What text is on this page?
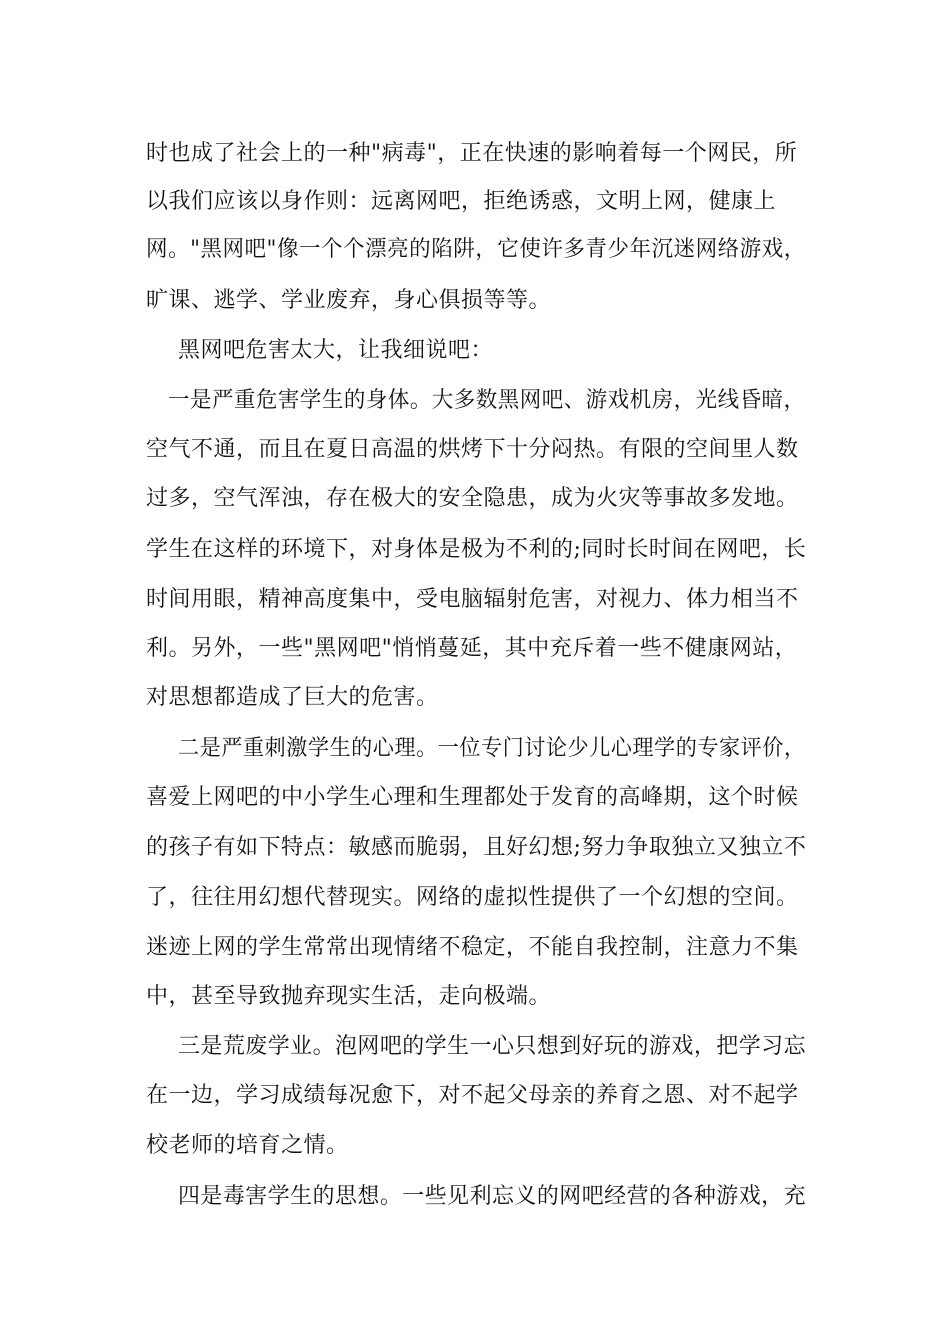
时也成了社会上的一种"病毒"，正在快速的影响着每一个网民，所
以我们应该以身作则：远离网吧，拒绝诱惑，文明上网，健康上
网。"黑网吧"像一个个漂亮的陷阱，它使许多青少年沉迷网络游戏，
旷课、逃学、学业废弃，身心俱损等等。
黑网吧危害太大，让我细说吧：
一是严重危害学生的身体。大多数黑网吧、游戏机房，光线昏暗，
空气不通，而且在夏日高温的烘烤下十分闷热。有限的空间里人数
过多，空气浑浊，存在极大的安全隐患，成为火灾等事故多发地。
学生在这样的环境下，对身体是极为不利的;同时长时间在网吧，长
时间用眼，精神高度集中，受电脑辐射危害，对视力、体力相当不
利。另外，一些"黑网吧"悄悄蔓延，其中充斥着一些不健康网站，
对思想都造成了巨大的危害。
二是严重刺激学生的心理。一位专门讨论少儿心理学的专家评价，
喜爱上网吧的中小学生心理和生理都处于发育的高峰期，这个时候
的孩子有如下特点：敏感而脆弱，且好幻想;努力争取独立又独立不
了，往往用幻想代替现实。网络的虚拟性提供了一个幻想的空间。
迷迹上网的学生常常出现情绪不稳定，不能自我控制，注意力不集
中，甚至导致抛弃现实生活，走向极端。
三是荒废学业。泡网吧的学生一心只想到好玩的游戏，把学习忘
在一边，学习成绩每况愈下，对不起父母亲的养育之恩、对不起学
校老师的培育之情。
四是毒害学生的思想。一些见利忘义的网吧经营的各种游戏，充
